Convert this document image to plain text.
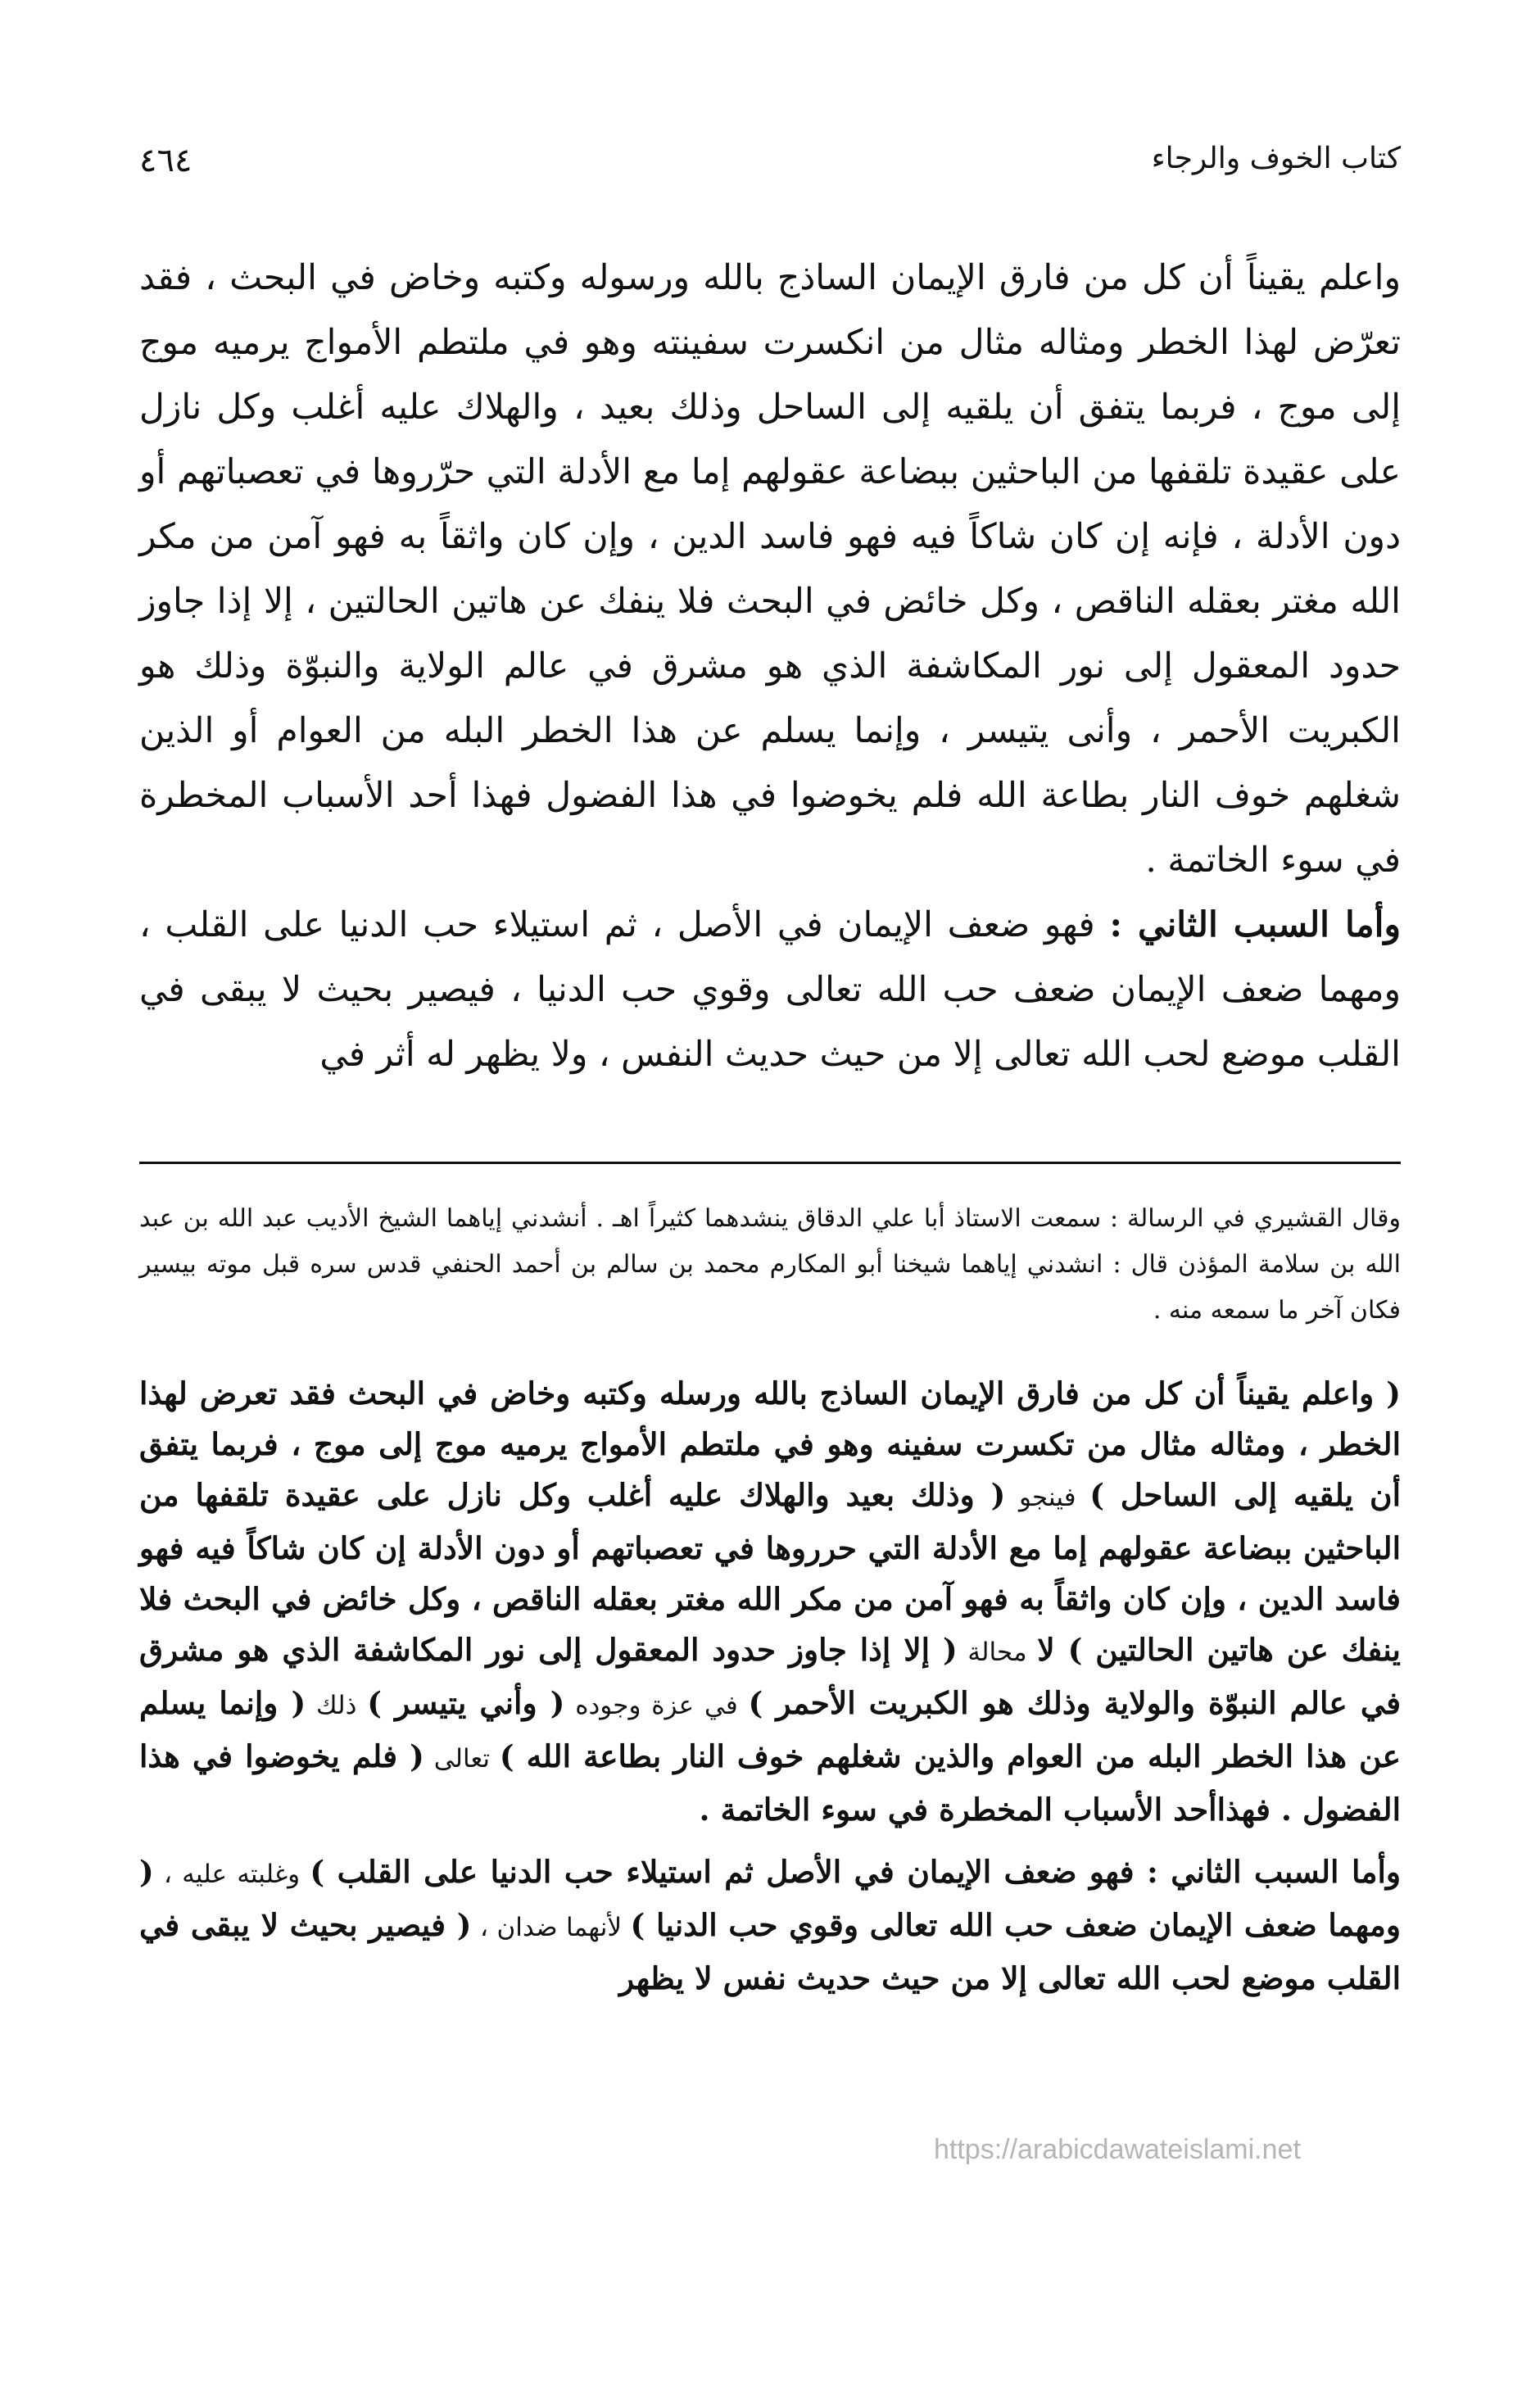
كتاب الخوف والرجاء
٤٦٤

واعلم يقيناً أن كل من فارق الإيمان الساذج بالله ورسوله وكتبه وخاض في البحث ، فقد تعرّض لهذا الخطر ومثاله مثال من انكسرت سفينته وهو في ملتطم الأمواج يرميه موج إلى موج ، فربما يتفق أن يلقيه إلى الساحل وذلك بعيد ، والهلاك عليه أغلب وكل نازل على عقيدة تلقفها من الباحثين ببضاعة عقولهم إما مع الأدلة التي حرّروها في تعصباتهم أو دون الأدلة ، فإنه إن كان شاكاً فيه فهو فاسد الدين ، وإن كان واثقاً به فهو آمن من مكر الله مغتر بعقله الناقص ، وكل خائض في البحث فلا ينفك عن هاتين الحالتين ، إلا إذا جاوز حدود المعقول إلى نور المكاشفة الذي هو مشرق في عالم الولاية والنبوّة وذلك هو الكبريت الأحمر ، وأنى يتيسر ، وإنما يسلم عن هذا الخطر البله من العوام أو الذين شغلهم خوف النار بطاعة الله فلم يخوضوا في هذا الفضول فهذا أحد الأسباب المخطرة في سوء الخاتمة .

وأما السبب الثاني : فهو ضعف الإيمان في الأصل ، ثم استيلاء حب الدنيا على القلب ، ومهما ضعف الإيمان ضعف حب الله تعالى وقوي حب الدنيا ، فيصير بحيث لا يبقى في القلب موضع لحب الله تعالى إلا من حيث حديث النفس ، ولا يظهر له أثر في

وقال القشيري في الرسالة : سمعت الاستاذ أبا علي الدقاق ينشدهما كثيراً اهـ . أنشدني إياهما الشيخ الأديب عبد الله بن عبد الله بن سلامة المؤذن قال : انشدني إياهما شيخنا أبو المكارم محمد بن سالم بن أحمد الحنفي قدس سره قبل موته بيسير فكان آخر ما سمعه منه .

( واعلم يقيناً أن كل من فارق الإيمان الساذج بالله ورسله وكتبه وخاض في البحث فقد تعرض لهذا الخطر ، ومثاله مثال من تكسرت سفينه وهو في ملتطم الأمواج يرميه موج إلى موج ، فربما يتفق أن يلقيه إلى الساحل ) فينجو ( وذلك بعيد والهلاك عليه أغلب وكل نازل على عقيدة تلقفها من الباحثين ببضاعة عقولهم إما مع الأدلة التي حرروها في تعصباتهم أو دون الأدلة إن كان شاكاً فيه فهو فاسد الدين ، وإن كان واثقاً به فهو آمن من مكر الله مغتر بعقله الناقص ، وكل خائض في البحث فلا ينفك عن هاتين الحالتين ) لا محالة ( إلا إذا جاوز حدود المعقول إلى نور المكاشفة الذي هو مشرق في عالم النبوّة والولاية وذلك هو الكبريت الأحمر ) في عزة وجوده ( وأني يتيسر ) ذلك ( وإنما يسلم عن هذا الخطر البله من العوام والذين شغلهم خوف النار بطاعة الله ) تعالى ( فلم يخوضوا في هذا الفضول . فهذاأحد الأسباب المخطرة في سوء الخاتمة .

وأما السبب الثاني : فهو ضعف الإيمان في الأصل ثم استيلاء حب الدنيا على القلب ) وغلبته عليه ، ( ومهما ضعف الإيمان ضعف حب الله تعالى وقوي حب الدنيا ) لأنهما ضدان ، ( فيصير بحيث لا يبقى في القلب موضع لحب الله تعالى إلا من حيث حديث نفس لا يظهر

https://arabicdawateislami.net
